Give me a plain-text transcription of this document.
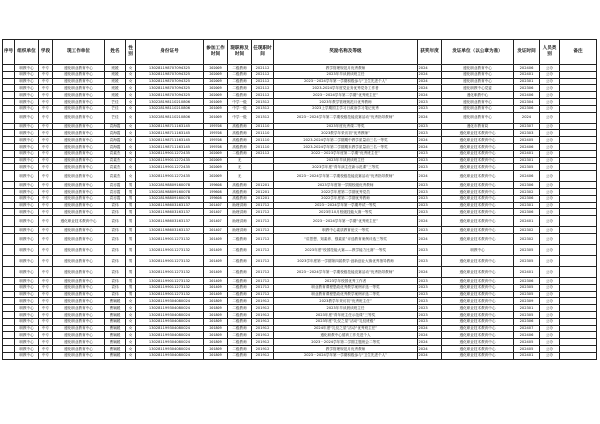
序号	组织单位	学段	现工作单位	姓名	性别	身份证号	参加工作时间	现职称及时间	任现职时间	奖励名称及等级	获奖年度	发证单位（以公章为准）	发证时间	人员类别	备注
	职教中心	中专	遵化职业教育中心	班媛	女	130281198707094325	202009	二级教师	202112	教学管理规范月优秀教师	2024	遵化职业教育中心	202406	公办	
	职教中心	中专	遵化职业教育中心	班媛	女	130281198707094325	202009	二级教师	202112	2023年早读晨读班主任	2024	遵化职业教育中心	202401	公办	
	职教中心	中专	遵化职业教育中心	班媛	女	130281198707094325	202009	二级教师	202112	2023－2024学年第一学期积极参与“卫生先进个人”	2024	遵化职业教育中心	202301	公办	
	职教中心	中专	遵化职业教育中心	班媛	女	130281198707094325	202009	二级教师	202112	2023-2024学年度党业务优秀党务工作者	2024	遵化职教中心党委	202306	公办	
	职教中心	中专	遵化职业教育中心	班媛	女	130281198707094325	202009	二级教师	202112	2023－2024学年第二学期“优秀班主任”	2024	遵化职教中心	202406	公办	
	职教中心	中专	遵化职业教育中心	芒佳	女	130228198110210806	201009	中学一级	201512	2023年教学管理规范月优秀教师	2023	遵化职业教育中心	202304	公办	
	职教中心	中专	遵化职业教育中心	芒佳	女	130228198110210806	201009	中学一级	201512	2023上学期国主学习日政治学习笔记优秀	2023	遵化职业教育中心	202306	公办	
	职教中心	中专	遵化职业教育中心	芒佳	女	130228198110210806	201009	中学一级	201512	2023－2024学年第二学期校级技能竞赛活动“优秀指导教师”	2024	遵化职业教育中心	2024	公办	
	职教中心	中专	遵化职业教育中心	袁海霞	女	130281198711163145	199708	高级教师	201110	2023年度优秀课二等奖	2023	遵化市教育局	202307	公办	
	职教中心	中专	遵化职业教育中心	袁海霞	女	130281198711163145	199708	高级教师	201110	2023教学年采访初“优秀教师”	2023	遵化职业技术教育中心	202303	公办	
	职教中心	中专	遵化职业教育中心	袁海霞	女	130281198711163145	199708	高级教师	201110	2023-2024学年第二学期期中教学质量前三名一等奖	2024	遵化职业技术教育中心	202405	公办	
	职教中心	中专	遵化职业教育中心	袁海霞	女	130281198711163145	199708	高级教师	201110	2023-2024学年第二学期期末教学质量前三名一等奖	2024	遵化职业技术教育中心	202406	公办	
	职教中心	中专	遵化职业教育中心	袁素杰	女	130281199011272435	202009	二级教师	202112	2022－2023学年度第二学期“优秀班主任”	2023	遵化职业技术教育中心	202401	公办	
	职教中心	中专	遵化职业教育中心	袁素杰	女	130281199011272435	202009	无		2023年早读晨读班主任	2023	遵化职业技术教育中心	202301	公办	
	职教中心	中专	遵化职业教育中心	袁素杰	女	130281199011272435	202009	无		2023学年度“青年演主任新示范课”三等奖	2023	遵化职业技术教育中心	202305	公办	
	职教中心	中专	遵化职业教育中心	袁素杰	女	130281199011272435	202009	无		2023－2024学年第二学期校级技能竞赛活动“优秀指导教师”	2024	遵化职业技术教育中心	202406	公办	
	职教中心	中专	遵化职业教育中心	袁亦霞	男	130228198809160078	199608	高级教师	201201	2023学年度第一学期校级优秀教师	2023	遵化职业技术教育中心	202306	公办	
	职教中心	中专	遵化职业教育中心	袁亦霞	男	130228198809160078	199608	高级教师	201201	2022学年度第二学期优秀党员	2023	遵化职业技术教育中心	202302	公办	
	职教中心	中专	遵化职业教育中心	袁亦霞	男	130228198809160078	199608	高级教师	201201	2022学年度第二学期优秀教师	2023	遵化职业技术教育中心	202306	公办	
	职教中心	中专	遵化职业教育中心	袁伟	男	130281198603163137	201407	助理讲师	201712	2023－2024学年第一学期考试一等奖	2023	遵化职业技术教育中心	202301	公办	
	职教中心	中专	遵化职业教育中心	袁伟	男	130281198603163137	201407	助理讲师	201712	2023年10月校级技能大赛一等奖	2023	遵化职业技术教育中心	202306	公办	
	职教中心	中专	遵化职业技术教育中心	袁伟	男	130281198603163137	201407	助理讲师	201712	2023－2024学年第一学期“优秀班主任”	2024	遵化职业技术教育中心	202401	公办	
	职教中心	中专	遵化职业教育中心	袁伟	男	130281198603163137	201407	助理讲师	201712	职教中心素质教育论文一等奖	2023	遵化职业技术教育中心	202302	公办	
	职教中心	中专	遵化职业教育中心	袁伟	男	130281199011273132	201409	二级教师	201712	“讲思想、知素养、强素质”评选教育案例评选三等奖	2024	遵化职业技术教育中心	202302	公办	
	职教中心	中专	遵化职业教育中心	袁伟	男	130281199011273132	201409	二级教师	201712	2023年度“校园技能大赛——教学能力比赛”一等奖	2023	职教中心	202305	公办	
	职教中心	中专	遵化职业教育中心	袁伟	男	130281199011273132	201409	二级教师	201712	2023学年度第一学期第四届教学·创新创业大赛优秀指导教师	2023	遵化职业技术教育中心	202305	公办	
	职教中心	中专	遵化职业教育中心	袁伟	男	130281199011273132	201409	二级教师	201712	2023－2024学年第一学期校级技能竞赛活动“优秀指导教师”	2024	遵化职业技术教育中心	202401	公办	
	职教中心	中专	遵化职业教育中心	袁伟	男	130281199011273132	201409	二级教师	201712	2023学年校园优秀工作者	2023	遵化职业技术教育中心	202306	公办	
	职教中心	中专	遵化职业教育中心	袁伟	男	130281199011273132	201409	二级教师	201712	职业教育课程思政优秀教学案例评选一等奖	2023	遵化职业技术教育中心	202305	公办	
	职教中心	中专	遵化职业教育中心	袁伟	男	130281199011273132	201409	二级教师	201712	职业教育课程思政优秀教学案例评选二等奖	2023	遵化职业技术教育中心	202305	公办	
	职教中心	中专	遵化职业教育中心	曹娴媛	女	130281199304080024	201809	二级教师	201912	2023教学年采访初“优秀班主任”	2023	遵化职业技术教育中心	202309	公办	
	职教中心	中专	遵化职业教育中心	曹娴媛	女	130281199304080024	201809	二级教师	201912	2023年早读晨读班主任	2023	遵化职业技术教育中心	202301	公办	
	职教中心	中专	遵化职业教育中心	曹娴媛	女	130281199304080024	201809	二级教师	201912	2023年度“青年班主任示范课”三等奖	2023	遵化职业技术教育中心	202305	公办	
	职教中心	中专	遵化职业教育中心	曹娴媛	女	130281199304080024	201809	二级教师	201912	2023年度“礼仪之星”活动“礼仪班级”	2023	遵化职业技术教育中心	202306	公办	
	职教中心	中专	遵化职业教育中心	曹娴媛	女	130281199304080024	201809	二级教师	201912	2024年度“礼仪之星”活动“优秀班主任”	2024	遵化职业技术教育中心	202407	公办	
	职教中心	中专	遵化职业教育中心	曹娴媛	女	130281199304080024	201809	二级教师	201912	遵化职教中心德育工作先进个人	2024	遵化职业技术教育中心	202406	公办	
	职教中心	中专	遵化职业教育中心	曹娴媛	女	130281199304080024	201809	二级教师	201912	2023－2024学年第二学期主题班会二等奖	2024	遵化职业技术教育中心	202405	公办	
	职教中心	中专	遵化职业教育中心	曹娴媛	女	130281199304080024	201809	二级教师	201912	教学管理规范月优秀教师	2024	遵化职业技术教育中心	202405	公办	
	职教中心	中专	遵化职业教育中心	曹娴媛	女	130281199304080024	201809	二级教师	201912	2023－2024学年第一学期积极参与“卫生先进个人”	2024	遵化职业技术教育中心	202401	公办	
